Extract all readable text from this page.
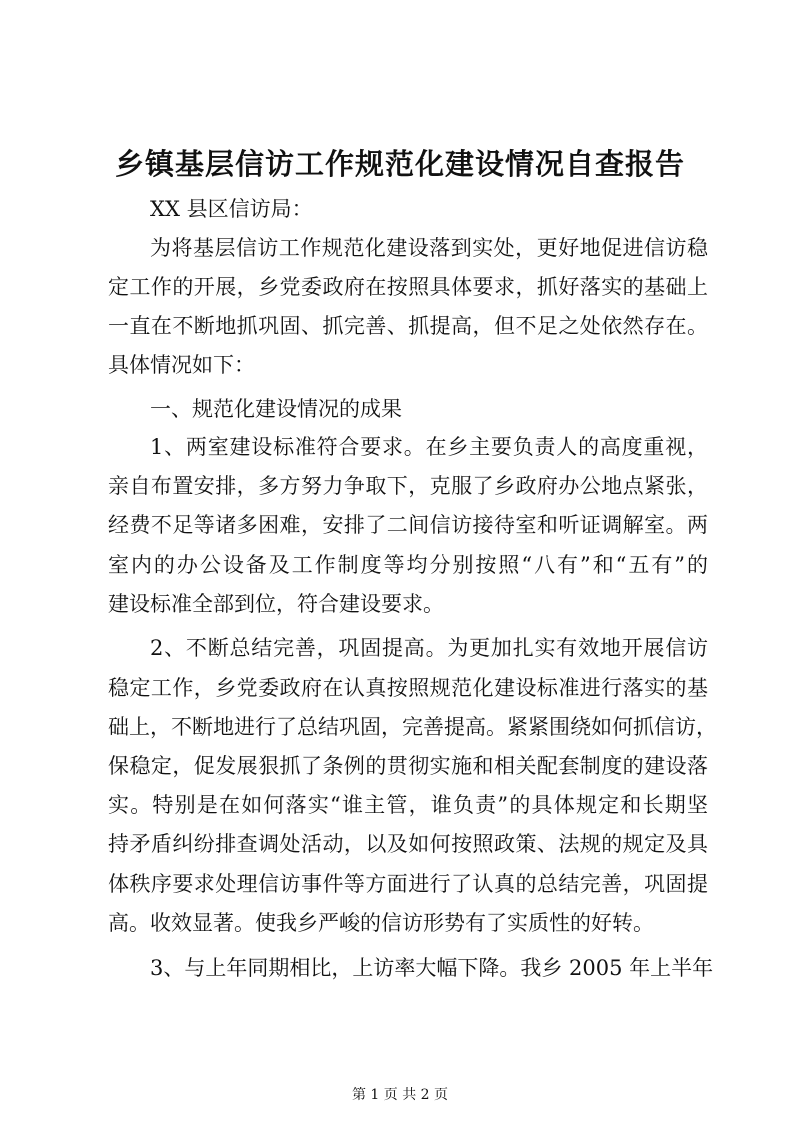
乡镇基层信访工作规范化建设情况自查报告
XX 县区信访局：
为将基层信访工作规范化建设落到实处，更好地促进信访稳
定工作的开展，乡党委政府在按照具体要求，抓好落实的基础上
一直在不断地抓巩固、抓完善、抓提高，但不足之处依然存在。
具体情况如下：
一、规范化建设情况的成果
1、两室建设标准符合要求。在乡主要负责人的高度重视，
亲自布置安排，多方努力争取下，克服了乡政府办公地点紧张，
经费不足等诸多困难，安排了二间信访接待室和听证调解室。两
室内的办公设备及工作制度等均分别按照“八有”和“五有”的
建设标准全部到位，符合建设要求。
2、不断总结完善，巩固提高。为更加扎实有效地开展信访
稳定工作，乡党委政府在认真按照规范化建设标准进行落实的基
础上，不断地进行了总结巩固，完善提高。紧紧围绕如何抓信访，
保稳定，促发展狠抓了条例的贯彻实施和相关配套制度的建设落
实。特别是在如何落实“谁主管，谁负责”的具体规定和长期坚
持矛盾纠纷排查调处活动，以及如何按照政策、法规的规定及具
体秩序要求处理信访事件等方面进行了认真的总结完善，巩固提
高。收效显著。使我乡严峻的信访形势有了实质性的好转。
3、与上年同期相比，上访率大幅下降。我乡 2005 年上半年
第 1 页 共 2 页
